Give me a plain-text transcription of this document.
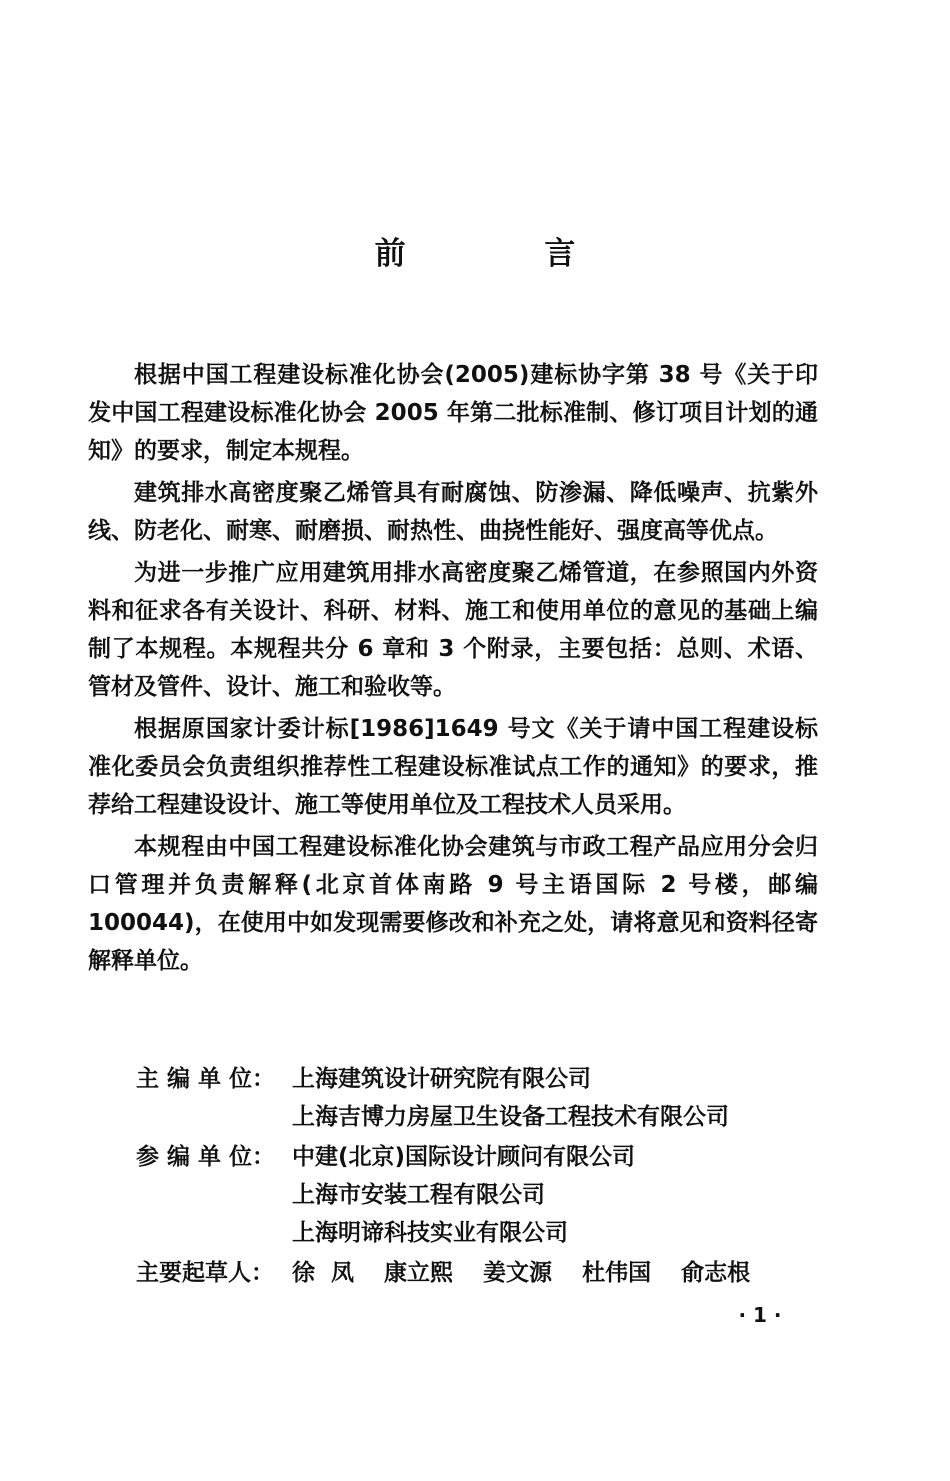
前 言

根据中国工程建设标准化协会(2005)建标协字第 38 号《关于印发中国工程建设标准化协会 2005 年第二批标准制、修订项目计划的通知》的要求，制定本规程。

建筑排水高密度聚乙烯管具有耐腐蚀、防渗漏、降低噪声、抗紫外线、防老化、耐寒、耐磨损、耐热性、曲挠性能好、强度高等优点。

为进一步推广应用建筑用排水高密度聚乙烯管道，在参照国内外资料和征求各有关设计、科研、材料、施工和使用单位的意见的基础上编制了本规程。本规程共分 6 章和 3 个附录，主要包括：总则、术语、管材及管件、设计、施工和验收等。

根据原国家计委计标[1986]1649 号文《关于请中国工程建设标准化委员会负责组织推荐性工程建设标准试点工作的通知》的要求，推荐给工程建设设计、施工等使用单位及工程技术人员采用。

本规程由中国工程建设标准化协会建筑与市政工程产品应用分会归口管理并负责解释(北京首体南路 9 号主语国际 2 号楼，邮编 100044)，在使用中如发现需要修改和补充之处，请将意见和资料径寄解释单位。

主 编 单 位： 上海建筑设计研究院有限公司
上海吉博力房屋卫生设备工程技术有限公司
参 编 单 位： 中建(北京)国际设计顾问有限公司
上海市安装工程有限公司
上海明谛科技实业有限公司
主要起草人： 徐  凤 康立熙 姜文源 杜伟国 俞志根
· 1 ·
